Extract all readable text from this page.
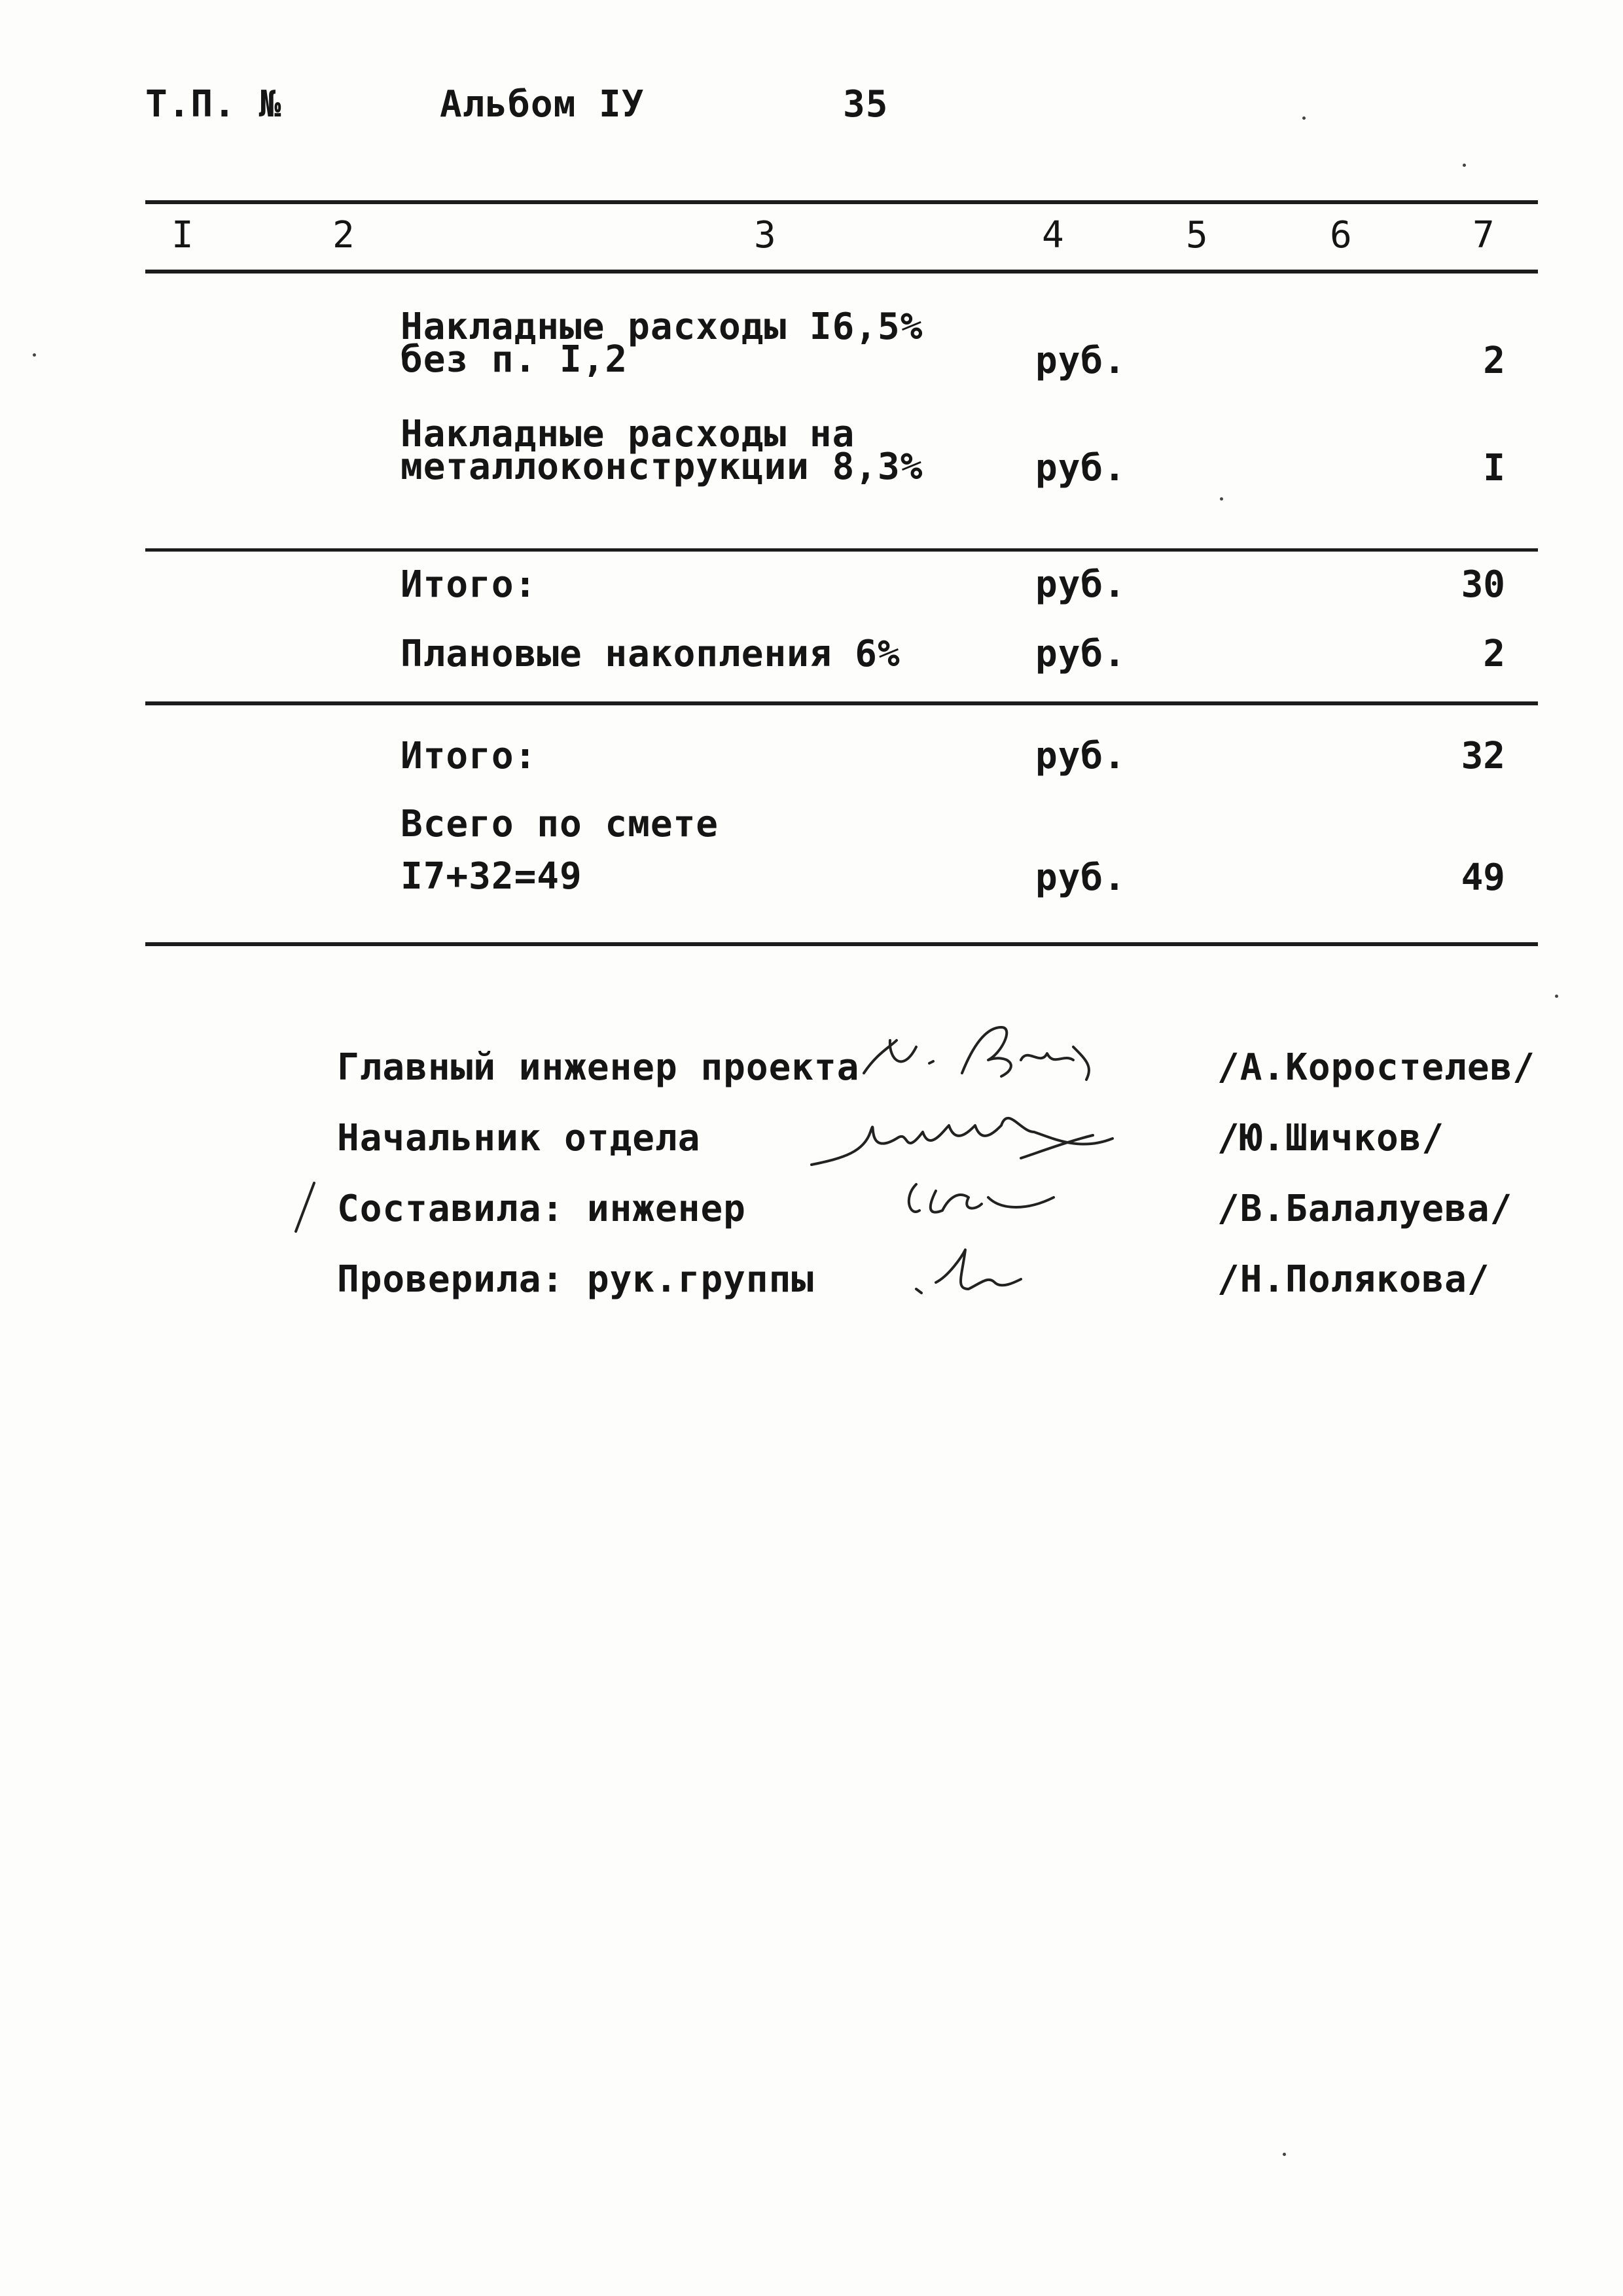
Т.П. №	Альбом IУ	35
I	2	3	4	5	6	7
Накладные расходы I6,5%
без п. I,2	руб.	2
Накладные расходы на
металлоконструкции 8,3%	руб.	I
Итого:	руб.	30
Плановые накопления 6%	руб.	2
Итого:	руб.	32
Всего по смете
I7+32=49	руб.	49
Главный инженер проекта	/А.Коростелев/
Начальник отдела	/Ю.Шичков/
Составила: инженер	/В.Балалуева/
Проверила: рук.группы	/Н.Полякова/
